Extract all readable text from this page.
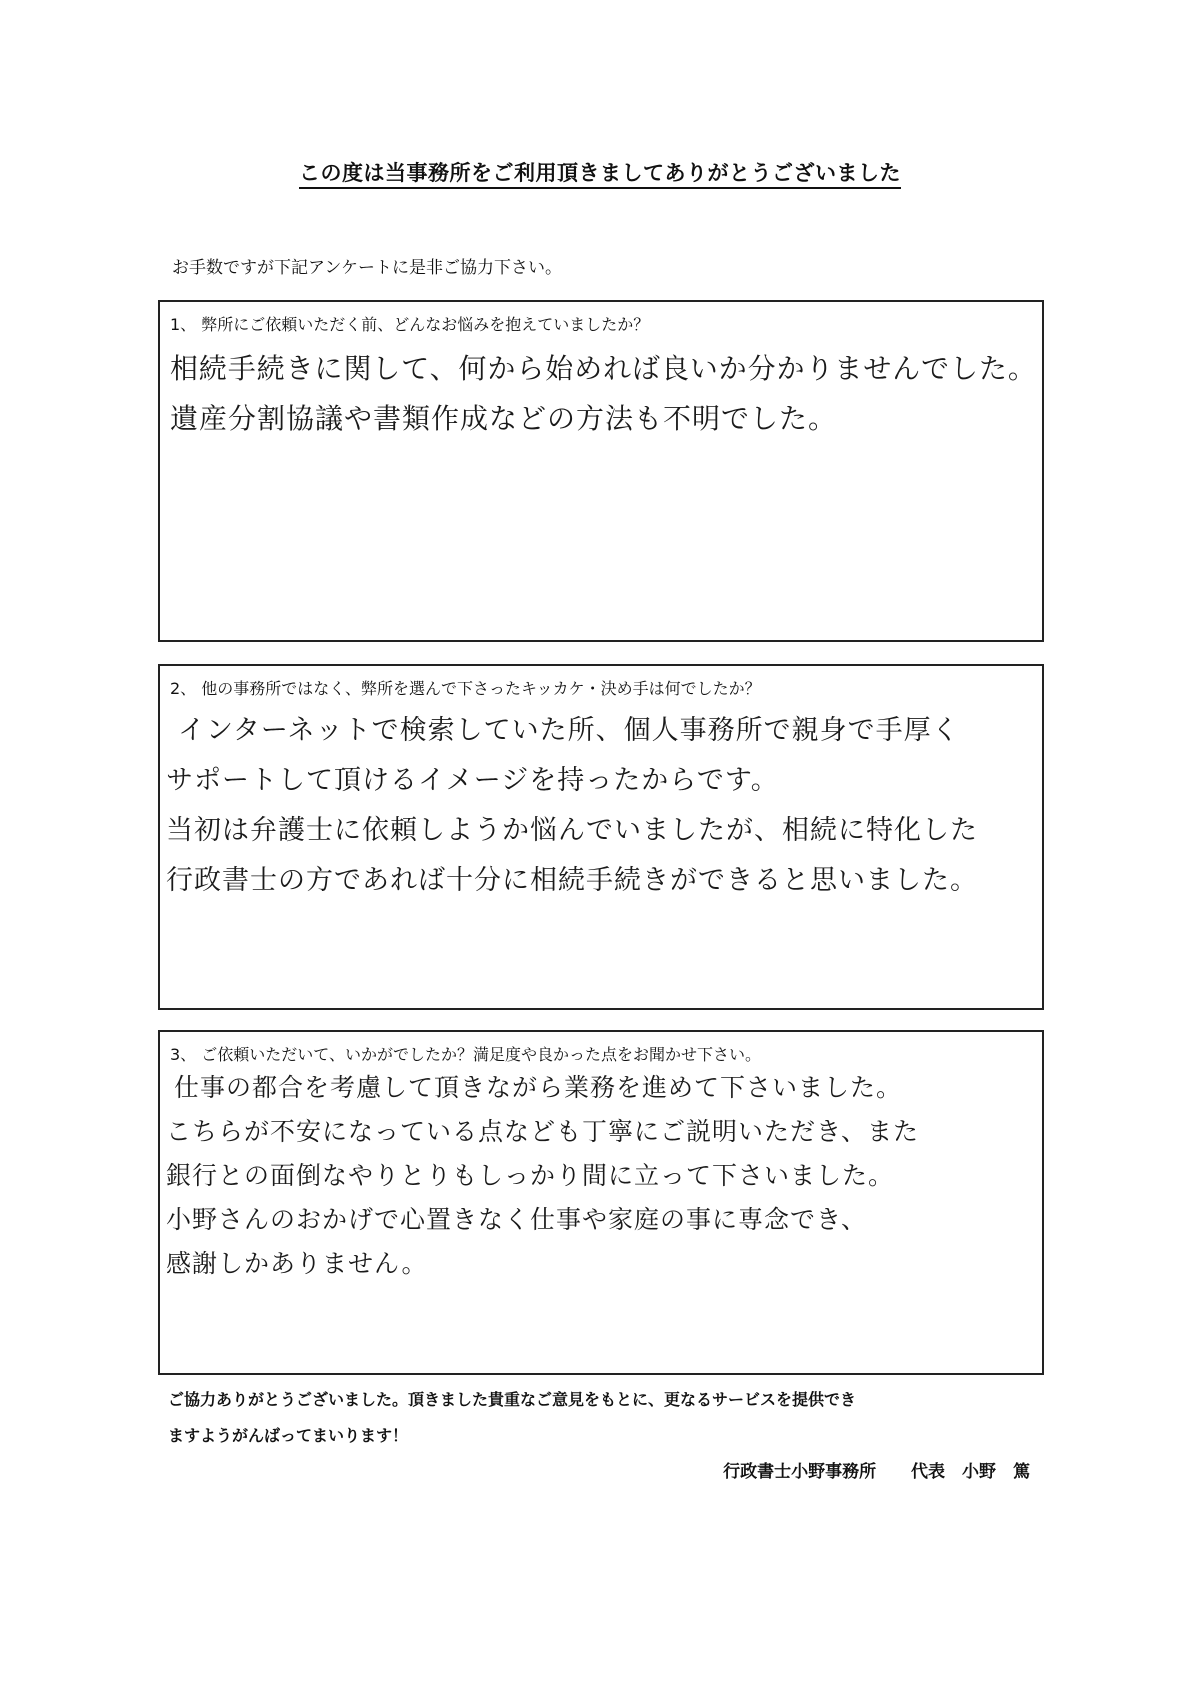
この度は当事務所をご利用頂きましてありがとうございました
お手数ですが下記アンケートに是非ご協力下さい。
1、 弊所にご依頼いただく前、どんなお悩みを抱えていましたか？
相続手続きに関して、何から始めれば良いか分かりませんでした。
遺産分割協議や書類作成などの方法も不明でした。
2、 他の事務所ではなく、弊所を選んで下さったキッカケ・決め手は何でしたか？
インターネットで検索していた所、個人事務所で親身で手厚く
サポートして頂けるイメージを持ったからです。
当初は弁護士に依頼しようか悩んでいましたが、相続に特化した
行政書士の方であれば十分に相続手続きができると思いました。
3、 ご依頼いただいて、いかがでしたか？満足度や良かった点をお聞かせ下さい。
仕事の都合を考慮して頂きながら業務を進めて下さいました。
こちらが不安になっている点なども丁寧にご説明いただき、また
銀行との面倒なやりとりもしっかり間に立って下さいました。
小野さんのおかげで心置きなく仕事や家庭の事に専念でき、
感謝しかありません。
ご協力ありがとうございました。頂きました貴重なご意見をもとに、更なるサービスを提供でき
ますようがんばってまいります！
行政書士小野事務所　 代表　小野　篤
